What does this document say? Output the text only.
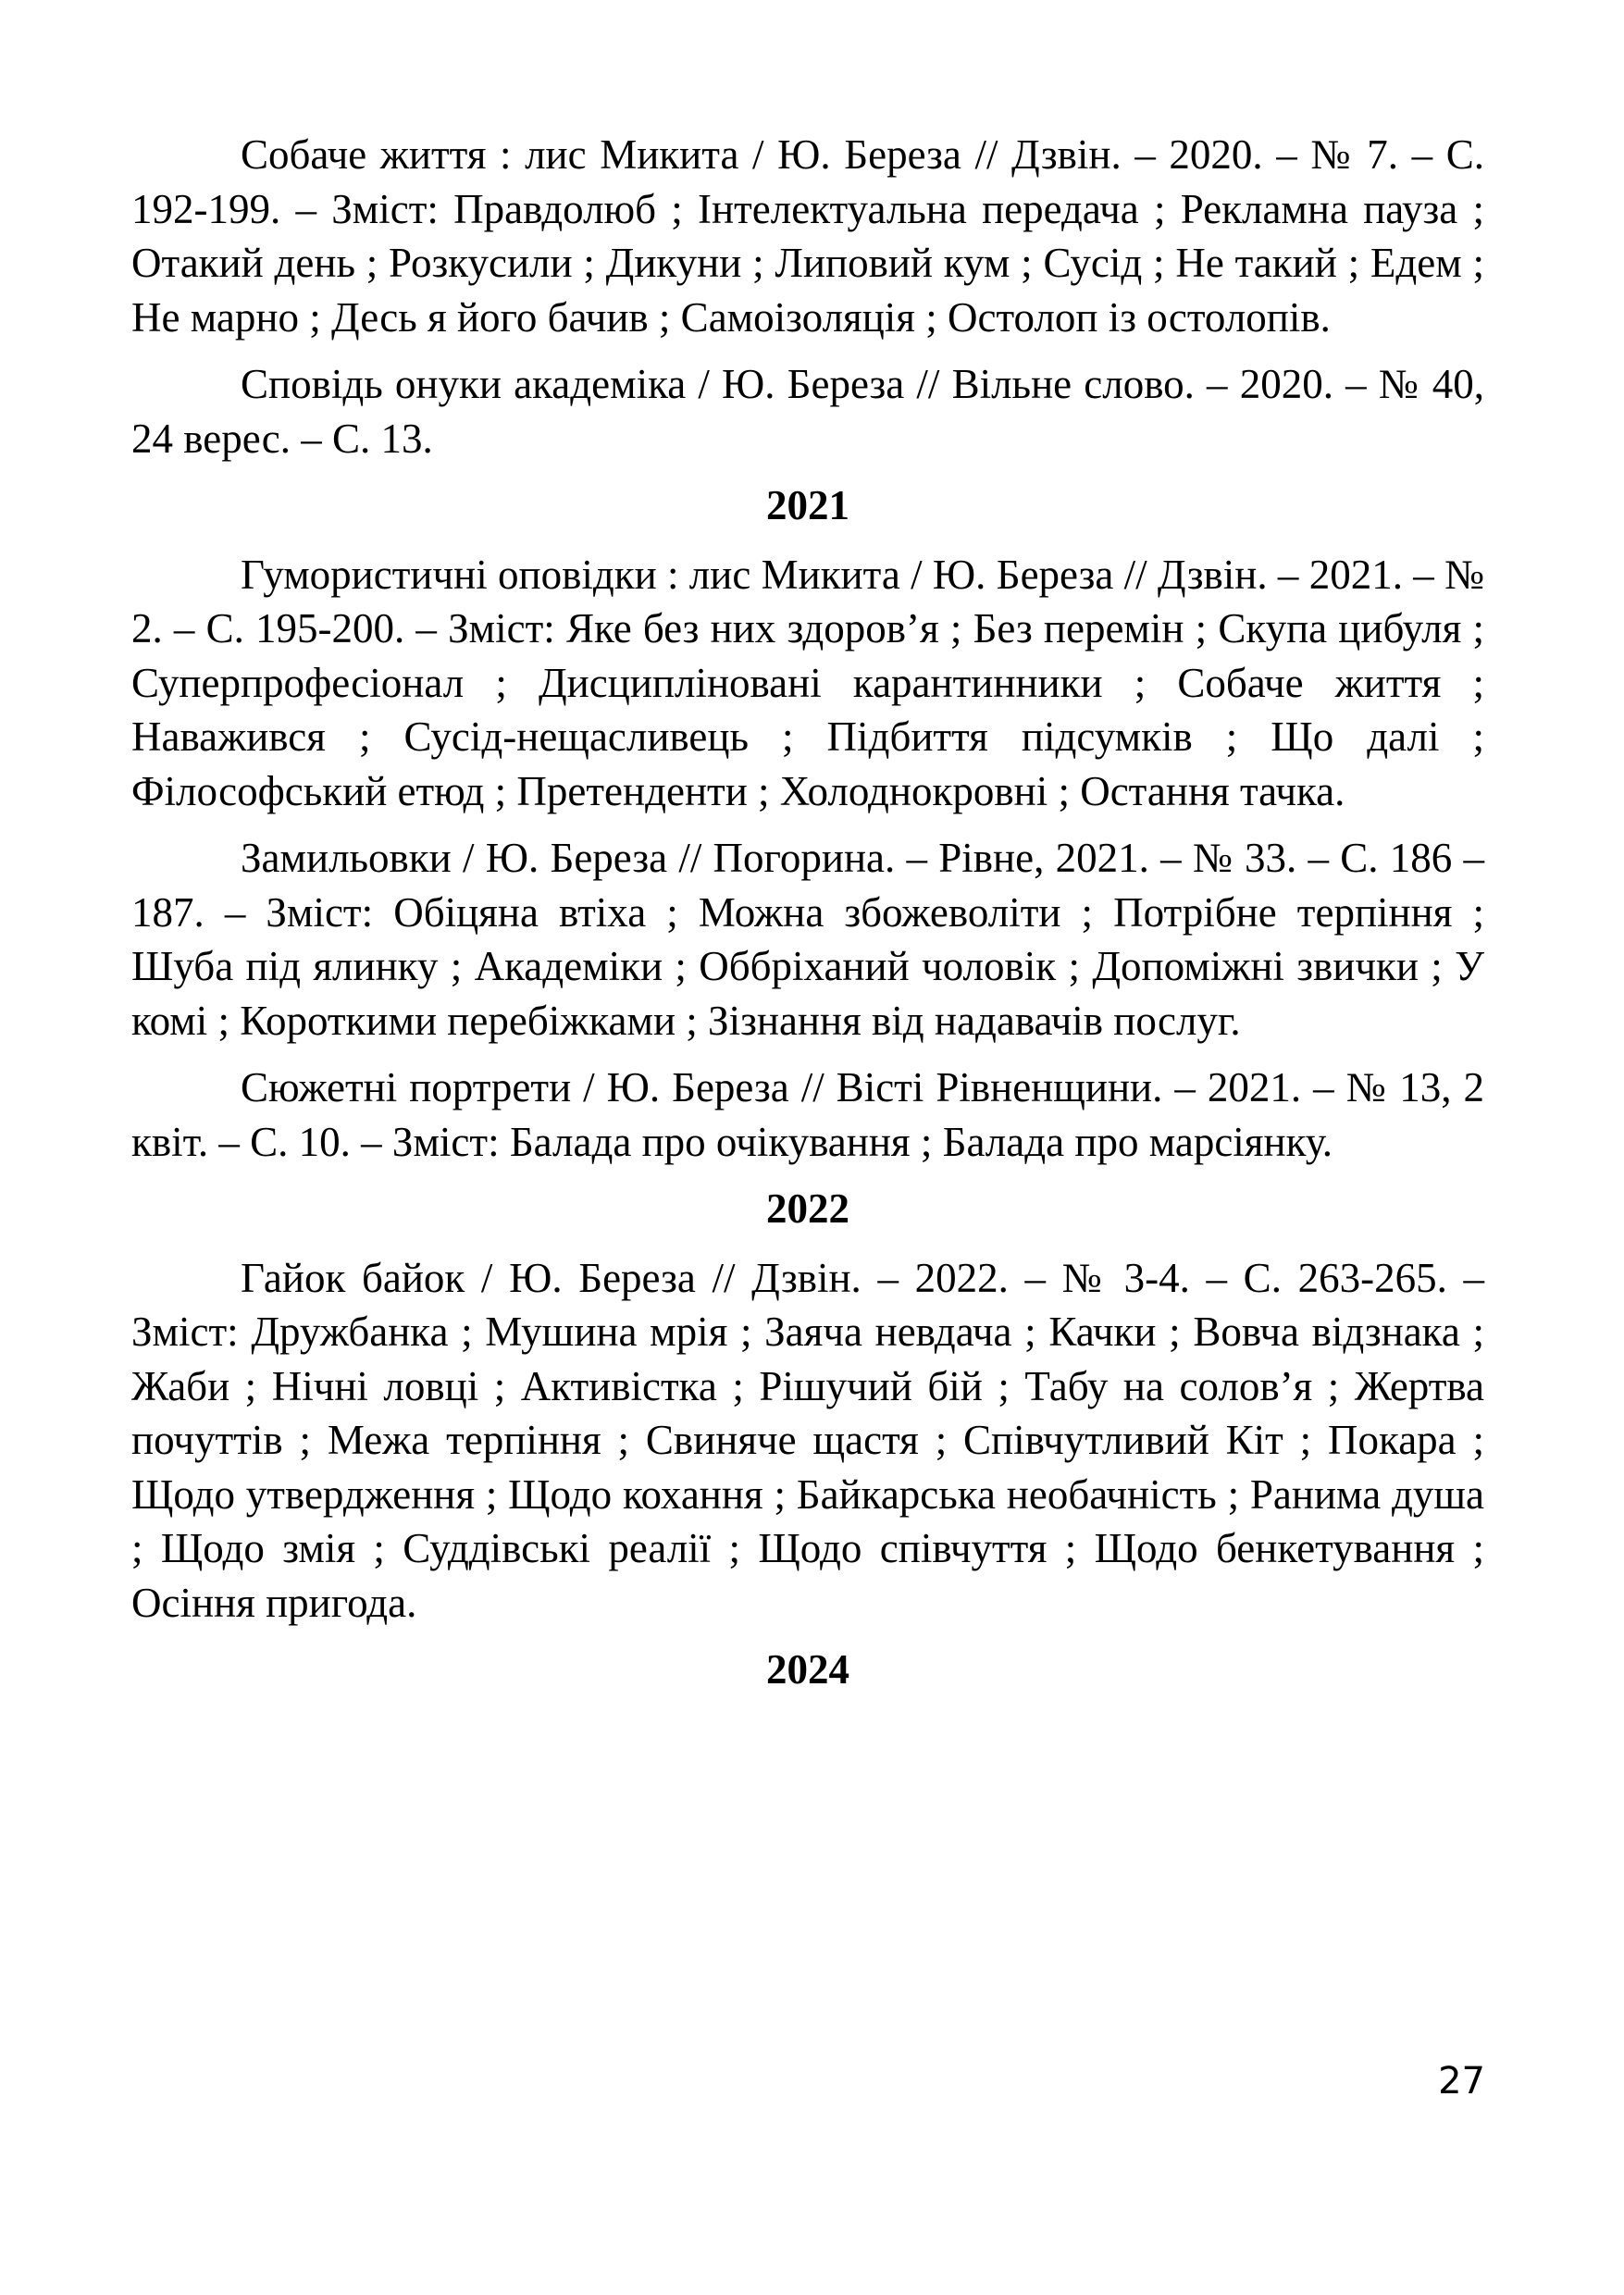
Собаче життя : лис Микита / Ю. Береза // Дзвін. – 2020. – № 7. – С. 192-199. – Зміст: Правдолюб ; Інтелектуальна передача ; Рекламна пауза ; Отакий день ; Розкусили ; Дикуни ; Липовий кум ; Сусід ; Не такий ; Едем ; Не марно ; Десь я його бачив ; Самоізоляція ; Остолоп із остолопів.

Сповідь онуки академіка / Ю. Береза // Вільне слово. – 2020. – № 40, 24 верес. – С. 13.

2021

Гумористичні оповідки : лис Микита / Ю. Береза // Дзвін. – 2021. – № 2. – С. 195-200. – Зміст: Яке без них здоров’я ; Без перемін ; Скупа цибуля ; Суперпрофесіонал ; Дисципліновані карантинники ; Собаче життя ; Наважився ; Сусід-нещасливець ; Підбиття підсумків ; Що далі ; Філософський етюд ; Претенденти ; Холоднокровні ; Остання тачка.

Замильовки / Ю. Береза // Погорина. – Рівне, 2021. – № 33. – С. 186 –187. – Зміст: Обіцяна втіха ; Можна збожеволіти ; Потрібне терпіння ; Шуба під ялинку ; Академіки ; Оббріханий чоловік ; Допоміжні звички ; У комі ; Короткими перебіжками ; Зізнання від надавачів послуг.

Сюжетні портрети / Ю. Береза // Вісті Рівненщини. – 2021. – № 13, 2 квіт. – С. 10. – Зміст: Балада про очікування ; Балада про марсіянку.

2022

Гайок байок / Ю. Береза // Дзвін. – 2022. – № 3-4. – С. 263-265. – Зміст: Дружбанка ; Мушина мрія ; Заяча невдача ; Качки ; Вовча відзнака ; Жаби ; Нічні ловці ; Активістка ; Рішучий бій ; Табу на солов’я ; Жертва почуттів ; Межа терпіння ; Свиняче щастя ; Співчутливий Кіт ; Покара ; Щодо утвердження ; Щодо кохання ; Байкарська необачність ; Ранима душа ; Щодо змія ; Суддівські реалії ; Щодо співчуття ; Щодо бенкетування ; Осіння пригода.

2024
27
